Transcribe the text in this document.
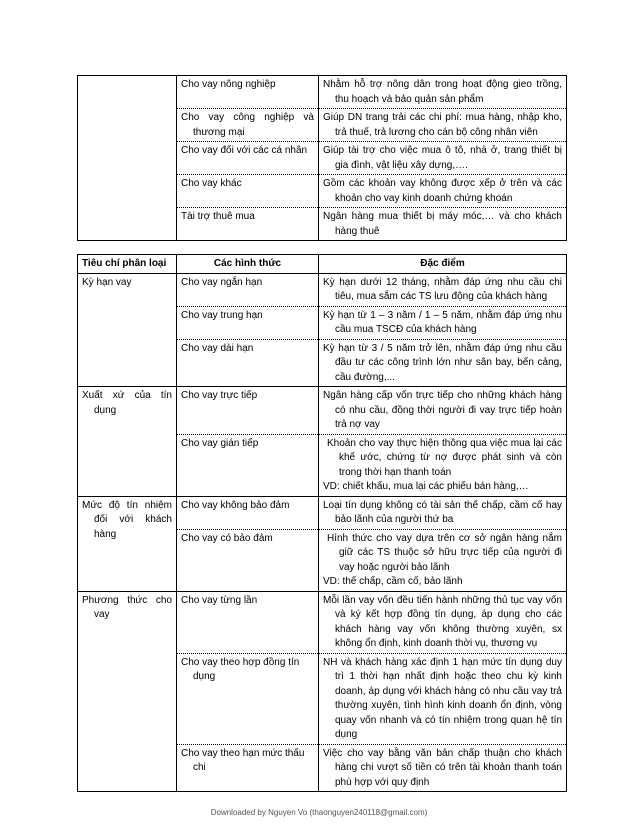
	Cho vay nông nghiệp	Nhằm hỗ trợ nông dân trong hoạt động gieo trồng, thu hoạch và bảo quản sản phẩm
	Cho vay công nghiệp và thương mại	Giúp DN trang trải các chi phí: mua hàng, nhập kho, trả thuế, trả lương cho cán bộ công nhân viên
	Cho vay đối với các cá nhân	Giúp tài trợ cho việc mua ô tô, nhà ở, trang thiết bị gia đình, vật liệu xây dựng,….
	Cho vay khác	Gồm các khoản vay không được xếp ở trên và các khoản cho vay kinh doanh chứng khoán
	Tài trợ thuê mua	Ngân hàng mua thiết bị máy móc,… và cho khách hàng thuê
Tiêu chí phân loại	Các hình thức	Đặc điểm
Kỳ hạn vay	Cho vay ngắn hạn	Kỳ hạn dưới 12 tháng, nhằm đáp ứng nhu cầu chi tiêu, mua sắm các TS lưu động của khách hàng
	Cho vay trung hạn	Kỳ hạn từ 1 – 3 năm / 1 – 5 năm, nhằm đáp ứng nhu cầu mua TSCĐ của khách hàng
	Cho vay dài hạn	Kỳ hạn từ 3 / 5 năm trở lên, nhằm đáp ứng nhu cầu đầu tư các công trình lớn như sân bay, bến cảng, cầu đường,...
Xuất xứ của tín dụng	Cho vay trực tiếp	Ngân hàng cấp vốn trực tiếp cho những khách hàng có nhu cầu, đồng thời người đi vay trực tiếp hoàn trả nợ vay
	Cho vay gián tiếp	Khoản cho vay thực hiện thông qua việc mua lại các khế ước, chứng từ nợ được phát sinh và còn trong thời hạn thanh toán
VD: chiết khấu, mua lại các phiếu bán hàng,…

Mức độ tín nhiệm đối với khách hàng	Cho vay không bảo đảm	Loại tín dụng không có tài sản thế chấp, cầm cố hay bảo lãnh của người thứ ba
	Cho vay có bảo đảm	Hình thức cho vay dựa trên cơ sở ngân hàng nắm giữ các TS thuộc sở hữu trực tiếp của người đi vay hoặc người bảo lãnh
VD: thế chấp, cầm cố, bảo lãnh

Phương thức cho vay	Cho vay từng lần	Mỗi lần vay vốn đều tiến hành những thủ tục vay vốn và ký kết hợp đồng tín dụng, áp dụng cho các khách hàng vay vốn không thường xuyên, sx không ổn định, kinh doanh thời vụ, thương vụ
	Cho vay theo hợp đồng tín dụng	NH và khách hàng xác định 1 hạn mức tín dụng duy trì 1 thời hạn nhất định hoặc theo chu kỳ kinh doanh, áp dụng với khách hàng có nhu cầu vay trả thường xuyên, tình hình kinh doanh ổn định, vòng quay vốn nhanh và có tín nhiệm trong quan hệ tín dụng
	Cho vay theo hạn mức thấu chi	Việc cho vay bằng văn bản chấp thuận cho khách hàng chi vượt số tiền có trên tài khoản thanh toán phù hợp với quy định
Downloaded by Nguyen Vo (thaonguyen240118@gmail.com)
